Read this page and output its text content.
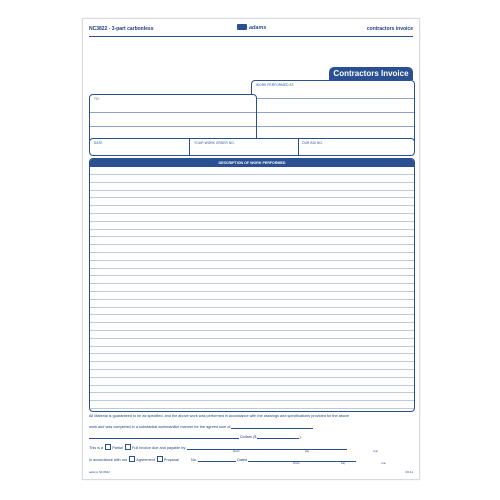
NC3822 - 3-part carbonless	adams	contractors invoice
Contractors Invoice
WORK PERFORMED AT:
TO:
DATE	YOUR WORK ORDER NO.	OUR BID NO.
DESCRIPTION OF WORK PERFORMED
All Material is guaranteed to be as specified, and the above work was performed in accordance with the drawings and specifications provided for the above
work and was completed in a substantial workmanlike manner for the agreed sum of
Dollars ($	).
This is a Partial Full invoice due and payable by:
Month	Day	Year
In accordance with our Agreement Proposal	No.	Dated
Month	Day	Year
adams NC3822	08-11
